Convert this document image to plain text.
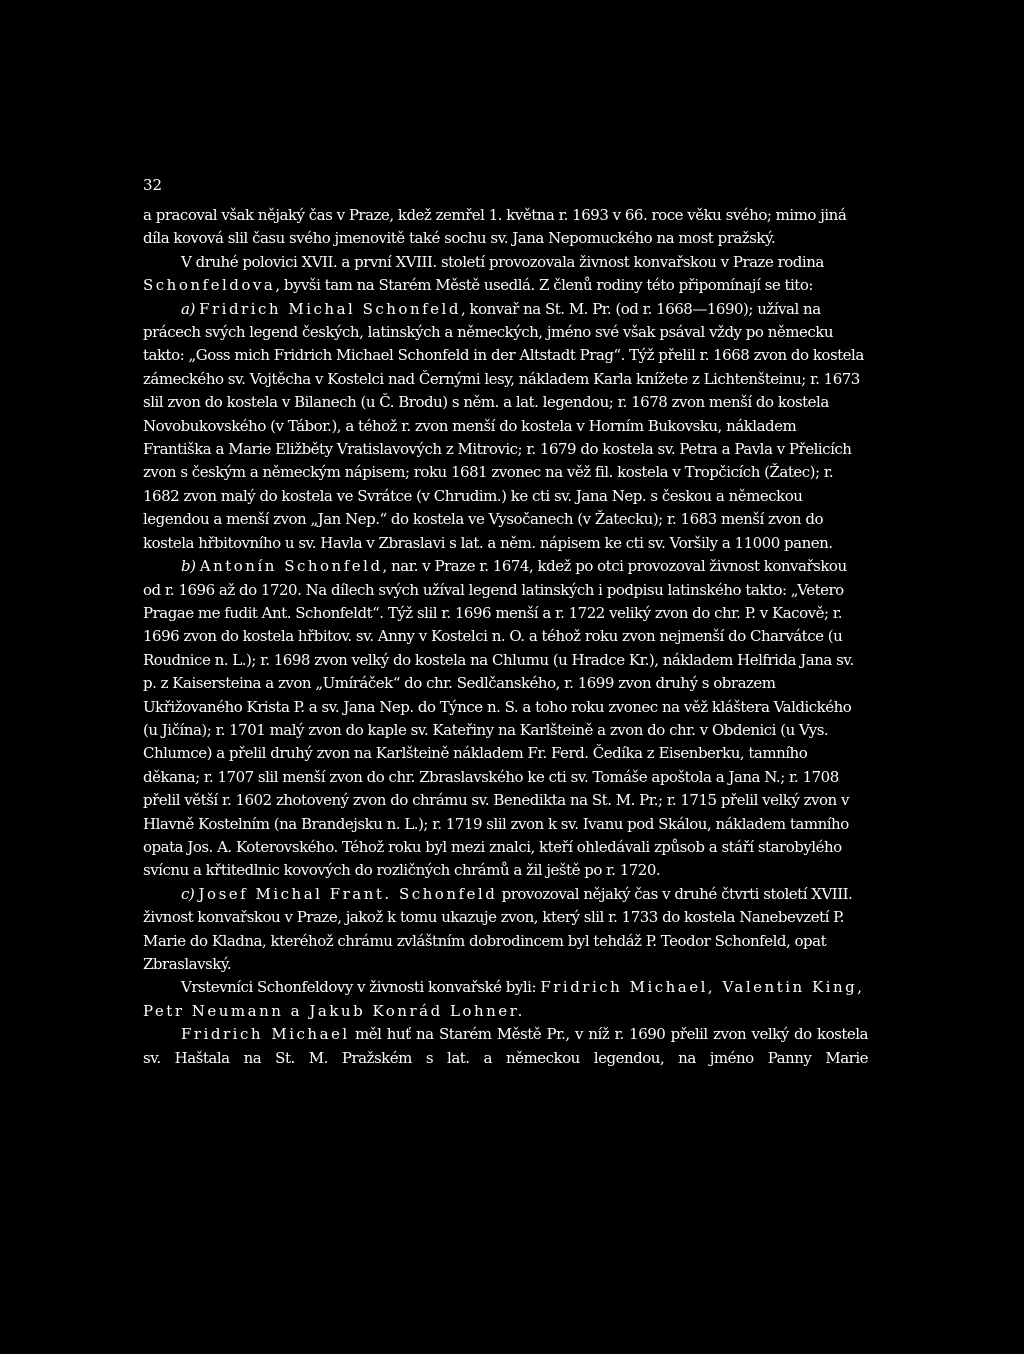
32

a pracoval však nějaký čas v Praze, kdež zemřel 1. května r. 1693 v 66. roce věku svého; mimo jiná díla kovová slil času svého jmenovitě také sochu sv. Jana Nepomuckého na most pražský.

V druhé polovici XVII. a první XVIII. století provozovala živnost konvařskou v Praze rodina Schonfeldova, byvši tam na Starém Městě usedlá. Z členů rodiny této připomínají se tito:

a) Fridrich Michal Schonfeld, konvař na St. M. Pr. (od r. 1668—1690); užíval na prácech svých legend českých, latinských a německých, jméno své však psával vždy po německu takto: „Goss mich Fridrich Michael Schonfeld in der Altstadt Prag“. Týž přelil r. 1668 zvon do kostela zámeckého sv. Vojtěcha v Kostelci nad Černými lesy, nákladem Karla knížete z Lichtenšteinu; r. 1673 slil zvon do kostela v Bilanech (u Č. Brodu) s něm. a lat. legendou; r. 1678 zvon menší do kostela Novobukovského (v Tábor.), a téhož r. zvon menší do kostela v Horním Bukovsku, nákladem Františka a Marie Eližběty Vratislavových z Mitrovic; r. 1679 do kostela sv. Petra a Pavla v Přelicích zvon s českým a německým nápisem; roku 1681 zvonec na věž fil. kostela v Tropčicích (Žatec); r. 1682 zvon malý do kostela ve Svrátce (v Chrudim.) ke cti sv. Jana Nep. s českou a německou legendou a menší zvon „Jan Nep.“ do kostela ve Vysočanech (v Žatecku); r. 1683 menší zvon do kostela hřbitovního u sv. Havla v Zbraslavi s lat. a něm. nápisem ke cti sv. Voršily a 11000 panen.

b) Antonín Schonfeld, nar. v Praze r. 1674, kdež po otci provozoval živnost konvařskou od r. 1696 až do 1720. Na dílech svých užíval legend latinských i podpisu latinského takto: „Vetero Pragae me fudit Ant. Schonfeldt“. Týž slil r. 1696 menší a r. 1722 veliký zvon do chr. P. v Kacově; r. 1696 zvon do kostela hřbitov. sv. Anny v Kostelci n. O. a téhož roku zvon nejmenší do Charvátce (u Roudnice n. L.); r. 1698 zvon velký do kostela na Chlumu (u Hradce Kr.), nákladem Helfrida Jana sv. p. z Kaisersteina a zvon „Umíráček“ do chr. Sedlčanského, r. 1699 zvon druhý s obrazem Ukřižovaného Krista P. a sv. Jana Nep. do Týnce n. S. a toho roku zvonec na věž kláštera Valdického (u Jičína); r. 1701 malý zvon do kaple sv. Kateřiny na Karlšteině a zvon do chr. v Obdenici (u Vys. Chlumce) a přelil druhý zvon na Karlšteině nákladem Fr. Ferd. Čedíka z Eisenberku, tamního děkana; r. 1707 slil menší zvon do chr. Zbraslavského ke cti sv. Tomáše apoštola a Jana N.; r. 1708 přelil větší r. 1602 zhotovený zvon do chrámu sv. Benedikta na St. M. Pr.; r. 1715 přelil velký zvon v Hlavně Kostelním (na Brandejsku n. L.); r. 1719 slil zvon k sv. Ivanu pod Skálou, nákladem tamního opata Jos. A. Koterovského. Téhož roku byl mezi znalci, kteří ohledávali způsob a stáří starobylého svícnu a křtitedlnic kovových do rozličných chrámů a žil ještě po r. 1720.

c) Josef Michal Frant. Schonfeld provozoval nějaký čas v druhé čtvrti století XVIII. živnost konvařskou v Praze, jakož k tomu ukazuje zvon, který slil r. 1733 do kostela Nanebevzetí P. Marie do Kladna, kteréhož chrámu zvláštním dobrodincem byl tehdáž P. Teodor Schonfeld, opat Zbraslavský.

Vrstevníci Schonfeldovy v živnosti konvařské byli: Fridrich Michael, Valentin King, Petr Neumann a Jakub Konrád Lohner.

Fridrich Michael měl huť na Starém Městě Pr., v níž r. 1690 přelil zvon velký do kostela sv. Haštala na St. M. Pražském s lat. a německou legendou, na jméno Panny Marie
